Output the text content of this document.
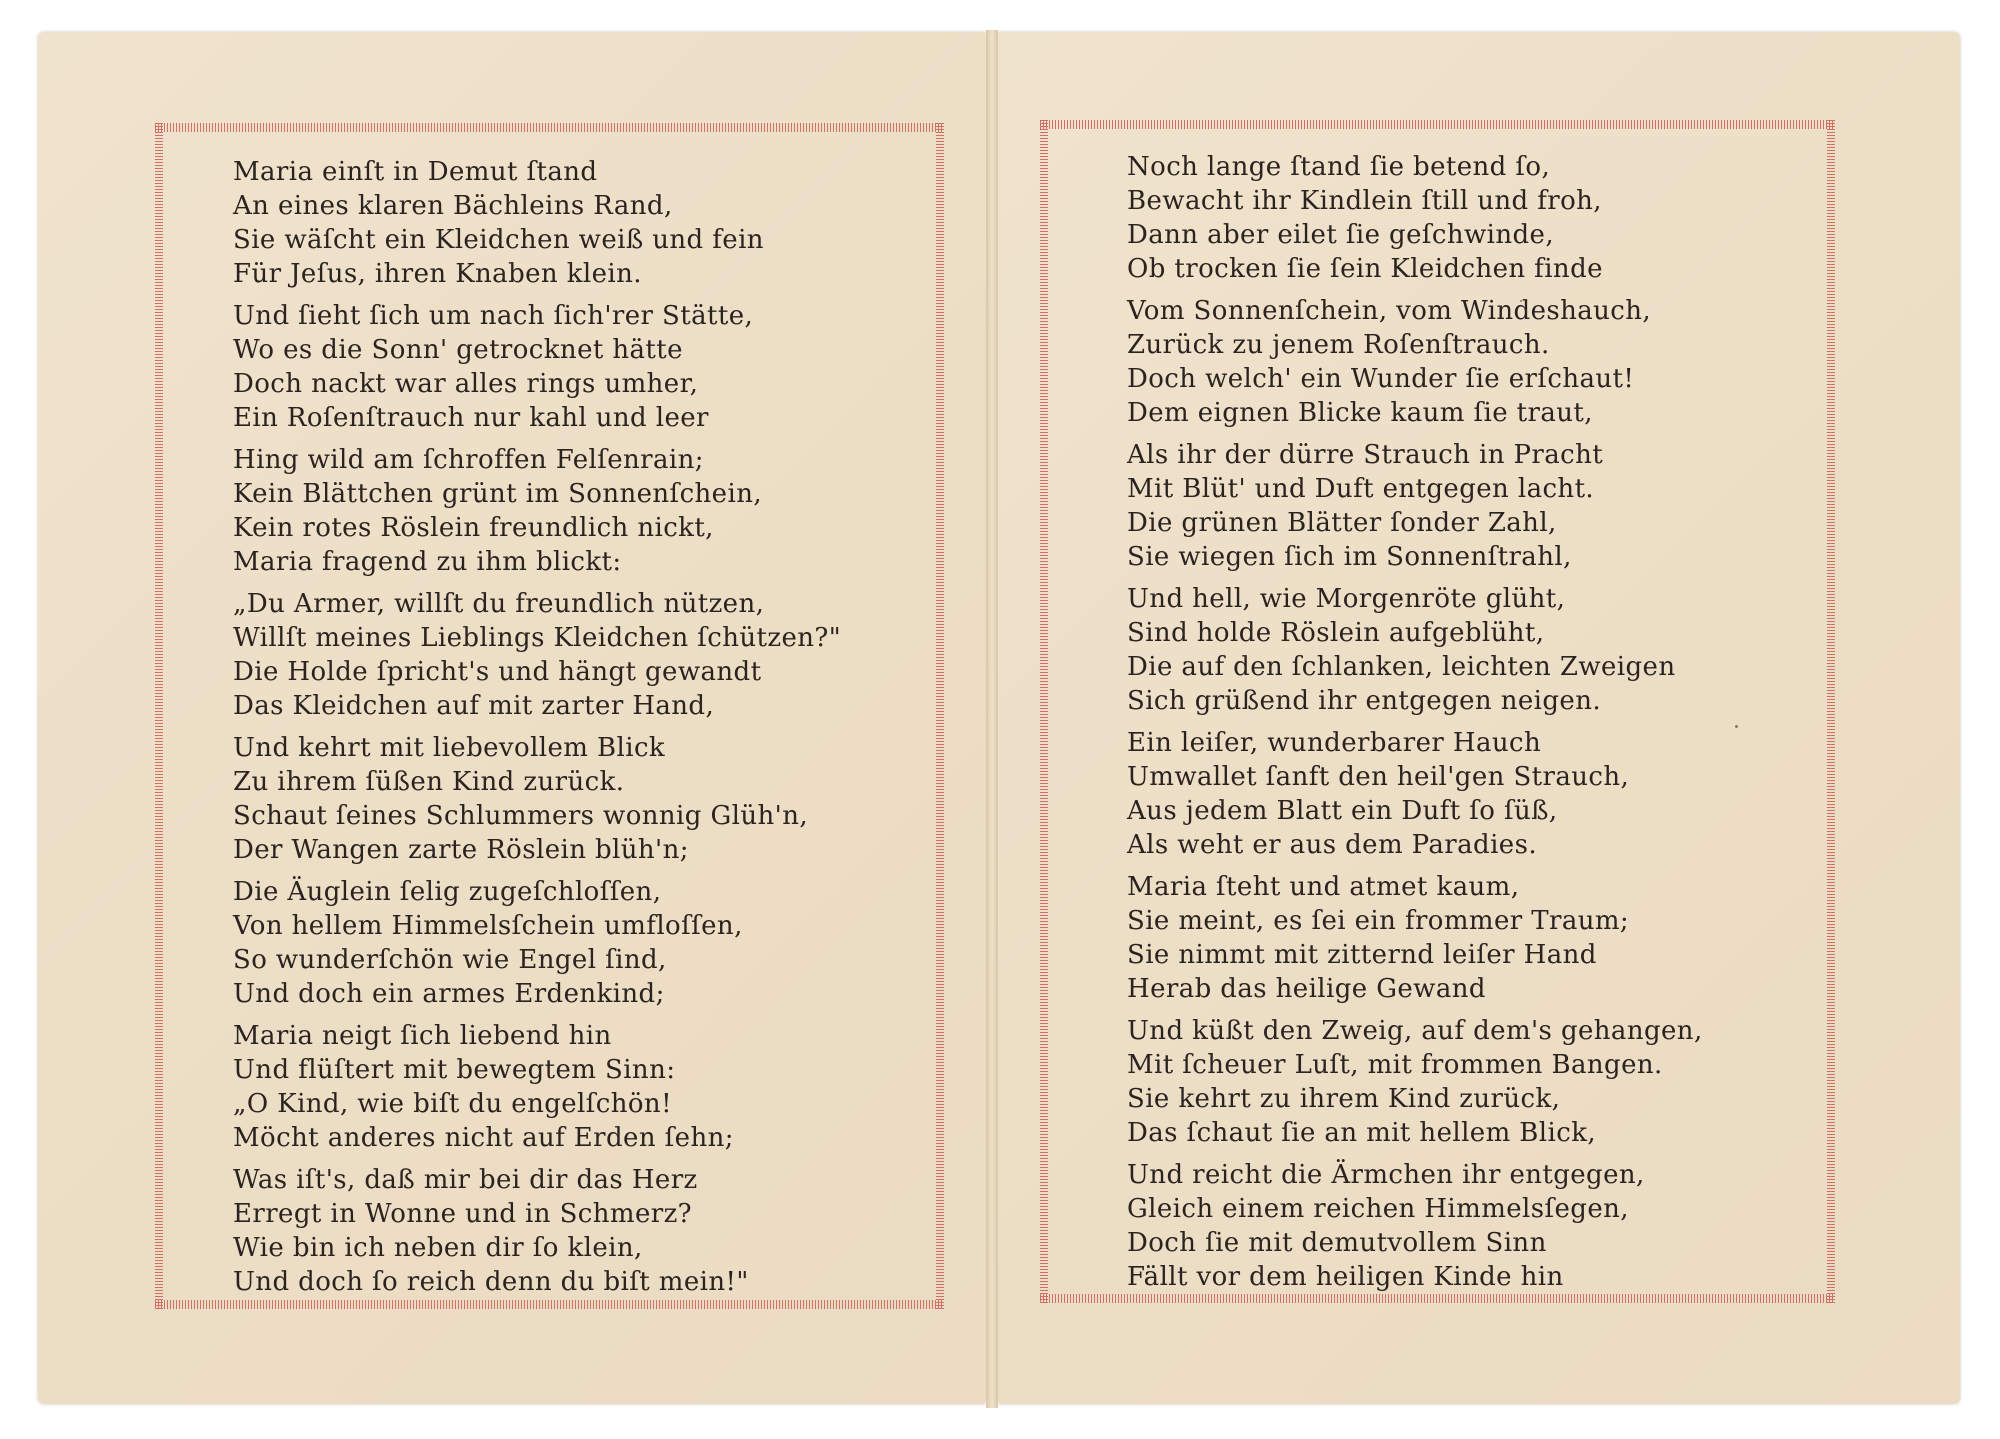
Maria einſt in Demut ſtand
An eines klaren Bächleins Rand,
Sie wäſcht ein Kleidchen weiß und fein
Für Jeſus, ihren Knaben klein.
Und ſieht ſich um nach ſich'rer Stätte,
Wo es die Sonn' getrocknet hätte
Doch nackt war alles rings umher,
Ein Roſenſtrauch nur kahl und leer
Hing wild am ſchroffen Felſenrain;
Kein Blättchen grünt im Sonnenſchein,
Kein rotes Röslein freundlich nickt,
Maria fragend zu ihm blickt:
„Du Armer, willſt du freundlich nützen,
Willſt meines Lieblings Kleidchen ſchützen?"
Die Holde ſpricht's und hängt gewandt
Das Kleidchen auf mit zarter Hand,
Und kehrt mit liebevollem Blick
Zu ihrem ſüßen Kind zurück.
Schaut ſeines Schlummers wonnig Glüh'n,
Der Wangen zarte Röslein blüh'n;
Die Äuglein ſelig zugeſchloſſen,
Von hellem Himmelsſchein umfloſſen,
So wunderſchön wie Engel ſind,
Und doch ein armes Erdenkind;
Maria neigt ſich liebend hin
Und flüſtert mit bewegtem Sinn:
„O Kind, wie biſt du engelſchön!
Möcht anderes nicht auf Erden ſehn;
Was iſt's, daß mir bei dir das Herz
Erregt in Wonne und in Schmerz?
Wie bin ich neben dir ſo klein,
Und doch ſo reich denn du biſt mein!"
Noch lange ſtand ſie betend ſo,
Bewacht ihr Kindlein ſtill und froh,
Dann aber eilet ſie geſchwinde,
Ob trocken ſie ſein Kleidchen finde
Vom Sonnenſchein, vom Windeshauch,
Zurück zu jenem Roſenſtrauch.
Doch welch' ein Wunder ſie erſchaut!
Dem eignen Blicke kaum ſie traut,
Als ihr der dürre Strauch in Pracht
Mit Blüt' und Duft entgegen lacht.
Die grünen Blätter ſonder Zahl,
Sie wiegen ſich im Sonnenſtrahl,
Und hell, wie Morgenröte glüht,
Sind holde Röslein aufgeblüht,
Die auf den ſchlanken, leichten Zweigen
Sich grüßend ihr entgegen neigen.
Ein leiſer, wunderbarer Hauch
Umwallet ſanft den heil'gen Strauch,
Aus jedem Blatt ein Duft ſo ſüß,
Als weht er aus dem Paradies.
Maria ſteht und atmet kaum,
Sie meint, es ſei ein frommer Traum;
Sie nimmt mit zitternd leiſer Hand
Herab das heilige Gewand
Und küßt den Zweig, auf dem's gehangen,
Mit ſcheuer Luſt, mit frommen Bangen.
Sie kehrt zu ihrem Kind zurück,
Das ſchaut ſie an mit hellem Blick,
Und reicht die Ärmchen ihr entgegen,
Gleich einem reichen Himmelsſegen,
Doch ſie mit demutvollem Sinn
Fällt vor dem heiligen Kinde hin
